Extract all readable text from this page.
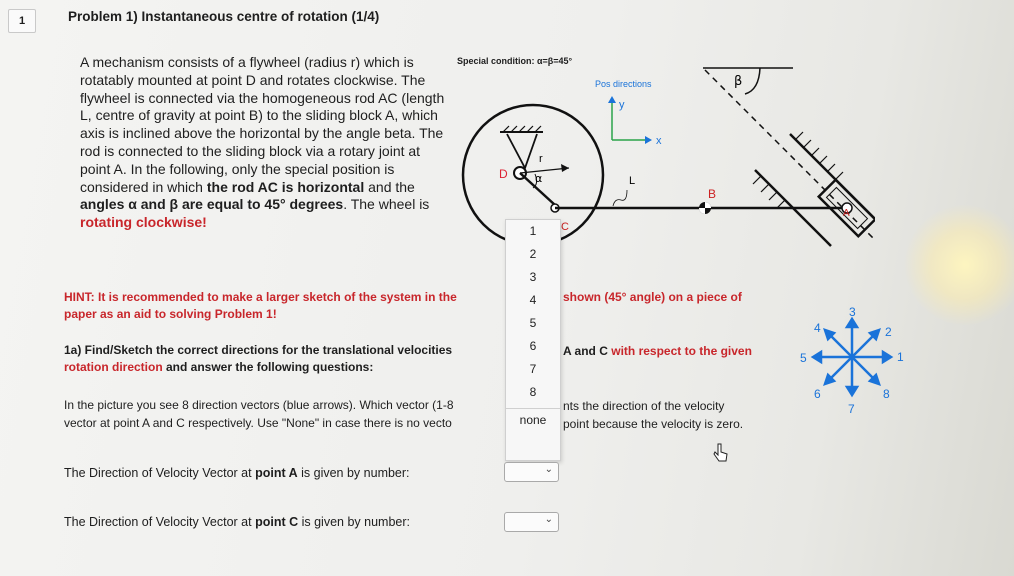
1	Problem 1) Instantaneous centre of rotation (1/4)
A mechanism consists of a flywheel (radius r) which is rotatably mounted at point D and rotates clockwise. The flywheel is connected via the homogeneous rod AC (length L, centre of gravity at point B) to the sliding block A, which axis is inclined above the horizontal by the angle beta. The rod is connected to the sliding block via a rotary joint at point A. In the following, only the special position is considered in which the rod AC is horizontal and the angles α and β are equal to 45° degrees. The wheel is rotating clockwise!
Special condition: α=β=45°
D
r
α
C
L
B
Pos directions
y
x
β
A
HINT: It is recommended to make a larger sketch of the system in the
paper as an aid to solving Problem 1!
shown (45° angle) on a piece of
1a) Find/Sketch the correct directions for the translational velocities
rotation direction and answer the following questions:
A and C with respect to the given
In the picture you see 8 direction vectors (blue arrows). Which vector (1-8
vector at point A and C respectively. Use "None" in case there is no vecto
nts the direction of the velocity
point because the velocity is zero.
1
2
3
4
5
6
7
8
none
The Direction of Velocity Vector at point A is given by number:	⌄
The Direction of Velocity Vector at point C is given by number:	⌄
1
2
3
4
5
6
7
8
